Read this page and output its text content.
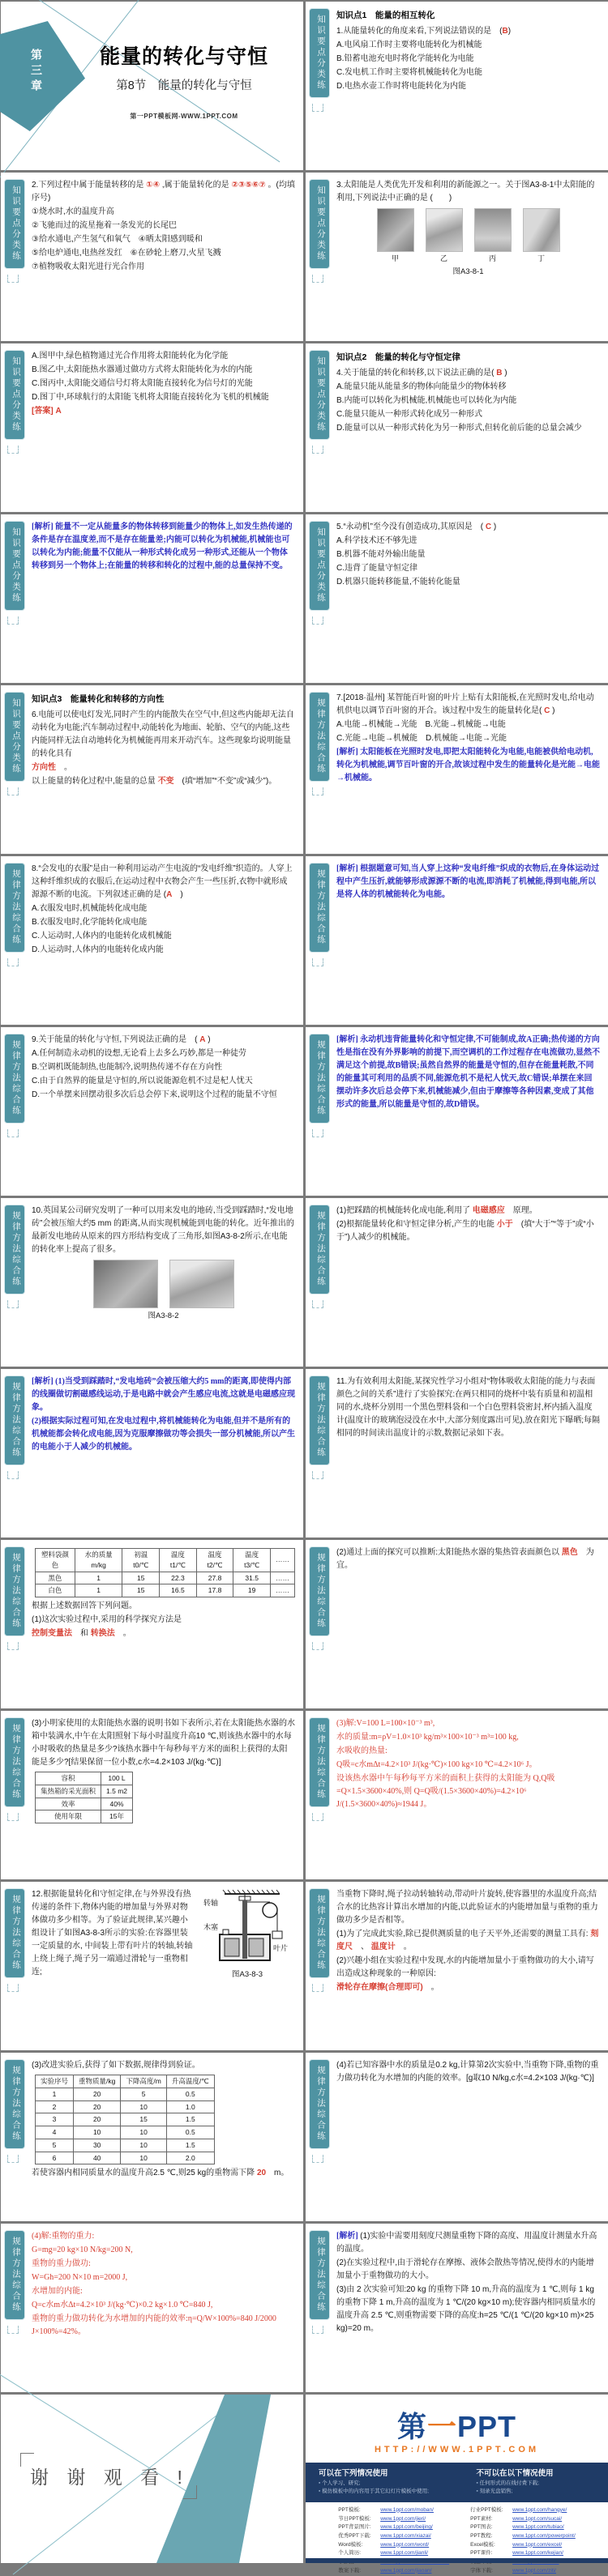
第三章	能量的转化与守恒
第8节　能量的转化与守恒
第一PPT模板网-WWW.1PPT.COM
知识要点分类练	知识点1　能量的相互转化
1.从能量转化的角度来看,下列说法错误的是　(B)
A.电风扇工作时主要将电能转化为机械能
B.铅蓄电池充电时将化学能转化为电能
C.发电机工作时主要将机械能转化为电能
D.电热水壶工作时将电能转化为内能
知识要点分类练
2.下列过程中属于能量转移的是 ①④ ,属于能量转化的是 ②③⑤⑥⑦ 。(均填序号)
①烧水时,水的温度升高
②飞驰而过的流星拖着一条发光的长尾巴
③给水通电,产生氢气和氧气　④晒太阳感到暖和
⑤给电炉通电,电热丝发红　⑥在砂轮上磨刀,火星飞溅
⑦植物吸收太阳光进行光合作用
知识要点分类练
3.太阳能是人类优先开发和利用的新能源之一。关于图A3-8-1中太阳能的利用,下列说法中正确的是 (　　)
甲	乙	丙	丁
图A3-8-1
知识要点分类练
A.图甲中,绿色植物通过光合作用将太阳能转化为化学能
B.图乙中,太阳能热水器通过做功方式将太阳能转化为水的内能
C.图丙中,太阳能交通信号灯将太阳能直接转化为信号灯的光能
D.图丁中,环球航行的太阳能飞机将太阳能直接转化为飞机的机械能
[答案] A	知识要点分类练	知识点2　能量的转化与守恒定律
4.关于能量的转化和转移,以下说法正确的是( B )
A.能量只能从能量多的物体向能量少的物体转移
B.内能可以转化为机械能,机械能也可以转化为内能
C.能量只能从一种形式转化成另一种形式
D.能量可以从一种形式转化为另一种形式,但转化前后能的总量会减少
知识要点分类练
[解析] 能量不一定从能量多的物体转移到能量少的物体上,如发生热传递的条件是存在温度差,而不是存在能量差;内能可以转化为机械能,机械能也可以转化为内能;能量不仅能从一种形式转化成另一种形式,还能从一个物体转移到另一个物体上;在能量的转移和转化的过程中,能的总量保持不变。	知识要点分类练
5.“永动机”至今没有创造成功,其原因是　( C )
A.科学技术还不够先进
B.机器不能对外输出能量
C.违背了能量守恒定律
D.机器只能转移能量,不能转化能量
知识要点分类练	知识点3　能量转化和转移的方向性
6.电能可以使电灯发光,同时产生的内能散失在空气中,但这些内能却无法自动转化为电能;汽车制动过程中,动能转化为地面、轮胎、空气的内能,这些内能同样无法自动地转化为机械能再用来开动汽车。这些现象均说明能量的转化具有
方向性　。
以上能量的转化过程中,能量的总量 不变　(填“增加”“不变”或“减少”)。
规律方法综合练
7.[2018·温州] 某智能百叶窗的叶片上贴有太阳能板,在光照时发电,给电动机供电以调节百叶窗的开合。该过程中发生的能量转化是( C )
A.电能→机械能→光能　B.光能→机械能→电能
C.光能→电能→机械能　D.机械能→电能→光能
[解析] 太阳能板在光照时发电,即把太阳能转化为电能,电能被供给电动机,转化为机械能,调节百叶窗的开合,故该过程中发生的能量转化是光能→电能→机械能。
规律方法综合练
8.“会发电的衣服”是由一种利用运动产生电流的“发电纤维”织造的。人穿上这种纤维织成的衣服后,在运动过程中衣物会产生一些压折,衣物中就形成源源不断的电流。下列叙述正确的是 (A　)
A.衣服发电时,机械能转化成电能
B.衣服发电时,化学能转化成电能
C.人运动时,人体内的电能转化成机械能
D.人运动时,人体内的电能转化成内能
规律方法综合练
[解析] 根据题意可知,当人穿上这种“发电纤维”织成的衣物后,在身体运动过程中产生压折,就能够形成源源不断的电流,即消耗了机械能,得到电能,所以是将人体的机械能转化为电能。
规律方法综合练
9.关于能量的转化与守恒,下列说法正确的是　( A )
A.任何制造永动机的设想,无论看上去多么巧妙,都是一种徒劳
B.空调机既能制热,也能制冷,说明热传递不存在方向性
C.由于自然界的能量是守恒的,所以说能源危机不过是杞人忧天
D.一个单摆来回摆动很多次后总会停下来,说明这个过程的能量不守恒	规律方法综合练
[解析] 永动机违背能量转化和守恒定律,不可能制成,故A正确;热传递的方向性是指在没有外界影响的前提下,而空调机的工作过程存在电流做功,显然不满足这个前提,故B错误;虽然自然界的能量是守恒的,但存在能量耗散,不同的能量其可利用的品质不同,能源危机不是杞人忧天,故C错误;单摆在来回摆动许多次后总会停下来,机械能减少,但由于摩擦等各种因素,变成了其他形式的能量,所以能量是守恒的,故D错误。
规律方法综合练
10.英国某公司研究发明了一种可以用来发电的地砖,当受到踩踏时,“发电地砖”会被压缩大约5 mm 的距离,从而实现机械能到电能的转化。近年推出的最新发电地砖从原来的四方形结构变成了三角形,如图A3-8-2所示,在电能的转化率上提高了很多。
图A3-8-2
规律方法综合练
(1)把踩踏的机械能转化成电能,利用了 电磁感应　原理。
(2)根据能量转化和守恒定律分析,产生的电能 小于　(填“大于”“等于”或“小于”)人减少的机械能。
规律方法综合练
[解析] (1)当受到踩踏时,“发电地砖”会被压缩大约5 mm的距离,即使得内部的线圈做切割磁感线运动,于是电路中就会产生感应电流,这就是电磁感应现象。
(2)根据实际过程可知,在发电过程中,将机械能转化为电能,但并不是所有的机械能都会转化成电能,因为克服摩擦做功等会损失一部分机械能,所以产生的电能小于人减少的机械能。	规律方法综合练
11.为有效利用太阳能,某探究性学习小组对“物体吸收太阳能的能力与表面颜色之间的关系”进行了实验探究:在两只相同的烧杯中装有质量和初温相同的水,烧杯分别用一个黑色塑料袋和一个白色塑料袋密封,杯内插入温度计(温度计的玻璃泡浸没在水中,大部分刻度露出可见),放在阳光下曝晒;每隔相同的时间读出温度计的示数,数据记录如下表。
规律方法综合练	塑料袋颜色	水的质量m/kg	初温t0/℃	温度t1/℃	温度t2/℃	温度t3/℃	……
黑色	1	15	22.3	27.8	31.5	……
白色	1	15	16.5	17.8	19	……
根据上述数据回答下列问题。
(1)这次实验过程中,采用的科学探究方法是
控制变量法　和 转换法　。
规律方法综合练
(2)通过上面的探究可以推断:太阳能热水器的集热管表面颜色以 黑色　为宜。
规律方法综合练
(3)小明家使用的太阳能热水器的说明书如下表所示,若在太阳能热水器的水箱中装满水,中午在太阳照射下每小时温度升高10 ℃,则该热水器中的水每小时吸收的热量是多少?该热水器中午每秒每平方米的面积上获得的太阳能是多少?[结果保留一位小数,c水=4.2×103 J/(kg·℃)]
容积	100 L
集热箱的采光面积	1.5 m2
效率	40%
使用年限	15年
规律方法综合练
(3)解:V=100 L=100×10⁻³ m³,
水的质量:m=ρV=1.0×10³ kg/m³×100×10⁻³ m³=100 kg,
水吸收的热量:
Q吸=c水mΔt=4.2×10³ J/(kg·℃)×100 kg×10 ℃=4.2×10⁶ J。
设该热水器中午每秒每平方米的面积上获得的太阳能为 Q,Q吸=Q×1.5×3600×40%,则 Q=Q吸/(1.5×3600×40%)=4.2×10⁶ J/(1.5×3600×40%)≈1944 J。
规律方法综合练	转轴
木塞
叶片
图A3-8-3
12.根据能量转化和守恒定律,在与外界没有热传递的条件下,物体内能的增加量与外界对物体做功多少相等。为了验证此规律,某兴趣小组设计了如图A3-8-3所示的实验:在容器里装一定质量的水, 中间装上带有叶片的转轴,转轴上绕上绳子,绳子另一端通过滑轮与一重物相连;
规律方法综合练
当重物下降时,绳子拉动转轴转动,带动叶片旋转,使容器里的水温度升高;结合水的比热容计算出水增加的内能,以此验证水的内能增加量与重物的重力做功多少是否相等。
(1)为了完成此实验,除已提供测质量的电子天平外,还需要的测量工具有: 刻度尺　、 温度计　。
(2)兴趣小组在实验过程中发现,水的内能增加量小于重物做功的大小,请写出造成这种现象的一种原因:
滑轮存在摩擦(合理即可)　。
规律方法综合练
(3)改进实验后,获得了如下数据,规律得到验证。
实验序号	重物质量/kg	下降高度/m	升高温度/℃
1	20	5	0.5
2	20	10	1.0
3	20	15	1.5
4	10	10	0.5
5	30	10	1.5
6	40	10	2.0
若使容器内相同质量水的温度升高2.5 ℃,则25 kg的重物需下降 20　m。
规律方法综合练
(4)若已知容器中水的质量是0.2 kg,计算第2次实验中,当重物下降,重物的重力做功转化为水增加的内能的效率。[g取10 N/kg,c水=4.2×103 J/(kg·℃)]
规律方法综合练
(4)解:重物的重力:
G=mg=20 kg×10 N/kg=200 N,
重物的重力做功:
W=Gh=200 N×10 m=2000 J,
水增加的内能:
Q=c水m水Δt=4.2×10³ J/(kg·℃)×0.2 kg×1.0 ℃=840 J,
重物的重力做功转化为水增加的内能的效率:η=Q/W×100%=840 J/2000 J×100%=42%。
规律方法综合练
[解析] (1)实验中需要用刻度尺测量重物下降的高度、用温度计测量水升高的温度。
(2)在实验过程中,由于滑轮存在摩擦、液体会散热等情况,使得水的内能增加量小于重物做功的大小。
(3)由 2 次实验可知:20 kg 的重物下降 10 m,升高的温度为 1 ℃,则每 1 kg 的重物下降 1 m,升高的温度为 1 ℃/(20 kg×10 m);使容器内相同质量水的温度升高 2.5 ℃,则重物需要下降的高度:h=25 ℃/(1 ℃/(20 kg×10 m)×25 kg)=20 m。
谢 谢 观 看 !
第一PPT
HTTP://WWW.1PPT.COM
可以在下列情况使用
▪ 个人学习、研究;
▪ 模仿模板中的内容用于其它幻灯片模板中使用;
不可以在以下情况使用
▪ 任何形式的在线付费下载;
▪ 刻录光盘销售;
PPT模板:	www.1ppt.com/moban/
节日PPT模板: www.1ppt.com/jieri/
PPT背景图片: www.1ppt.com/beijing/
优秀PPT下载: www.1ppt.com/xiazai/
Word模板:	www.1ppt.com/word/
个人简历:	www.1ppt.com/jianli/
教案下载:	www.1ppt.com/jiaoan/
行业PPT模板: www.1ppt.com/hangye/
PPT素材:	www.1ppt.com/sucai/
PPT图表:	www.1ppt.com/tubiao/
PPT教程:	www.1ppt.com/powerpoint/
Excel模板:	www.1ppt.com/excel/
PPT课件:	www.1ppt.com/kejian/
字体下载:	www.1ppt.com/ziti/
